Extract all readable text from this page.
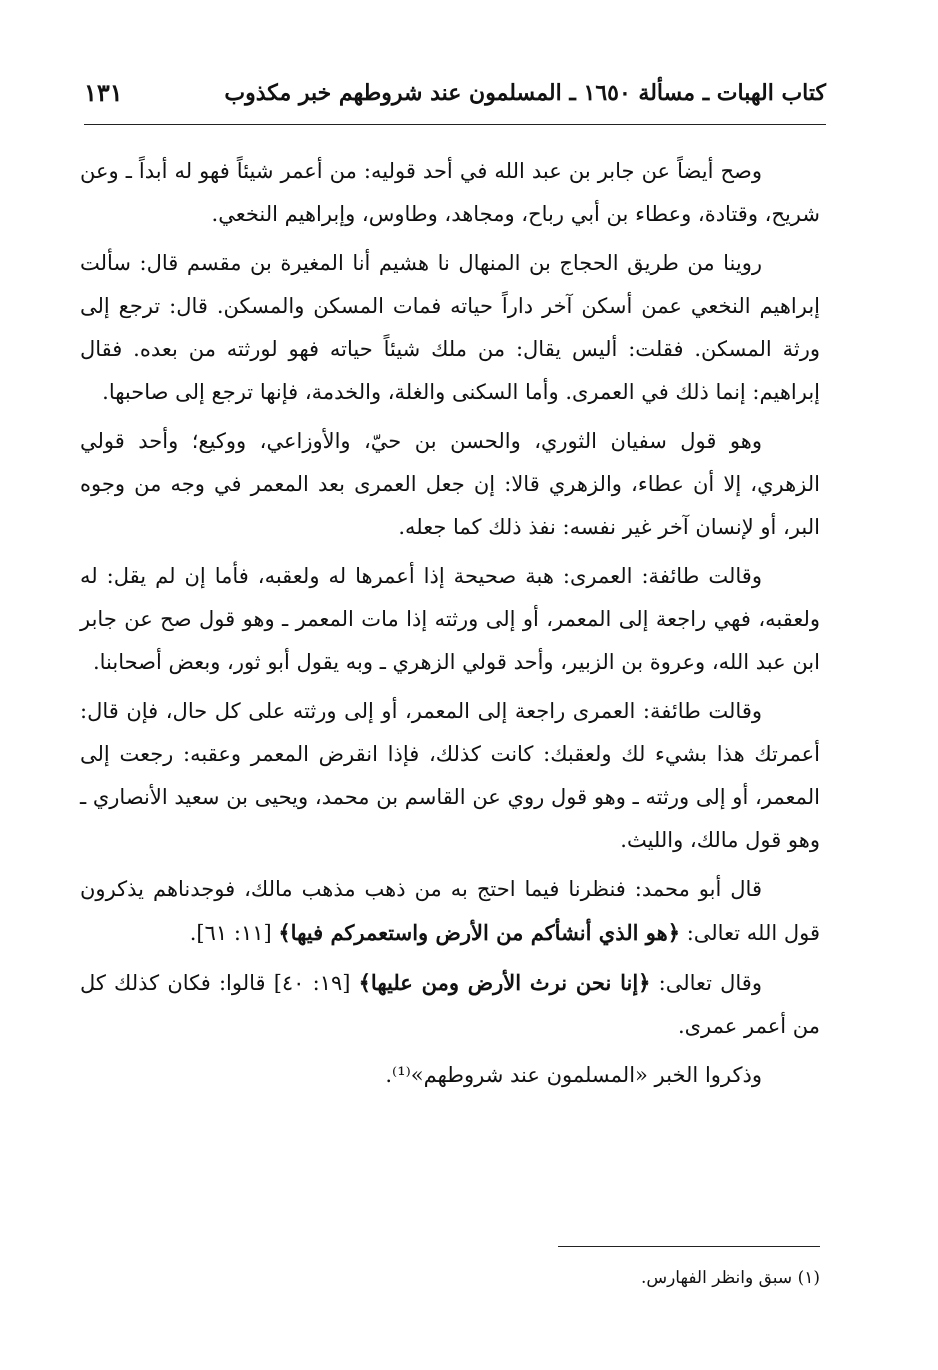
كتاب الهبات ـ مسألة ١٦٥٠ ـ المسلمون عند شروطهم خبر مكذوب
١٣١

وصح أيضاً عن جابر بن عبد الله في أحد قوليه: من أعمر شيئاً فهو له أبداً ـ وعن شريح، وقتادة، وعطاء بن أبي رباح، ومجاهد، وطاوس، وإبراهيم النخعي.

روينا من طريق الحجاج بن المنهال نا هشيم أنا المغيرة بن مقسم قال: سألت إبراهيم النخعي عمن أسكن آخر داراً حياته فمات المسكن والمسكن. قال: ترجع إلى ورثة المسكن. فقلت: أليس يقال: من ملك شيئاً حياته فهو لورثته من بعده. فقال إبراهيم: إنما ذلك في العمرى. وأما السكنى والغلة، والخدمة، فإنها ترجع إلى صاحبها.

وهو قول سفيان الثوري، والحسن بن حيّ، والأوزاعي، ووكيع؛ وأحد قولي الزهري، إلا أن عطاء، والزهري قالا: إن جعل العمرى بعد المعمر في وجه من وجوه البر، أو لإنسان آخر غير نفسه: نفذ ذلك كما جعله.

وقالت طائفة: العمرى: هبة صحيحة إذا أعمرها له ولعقبه، فأما إن لم يقل: له ولعقبه، فهي راجعة إلى المعمر، أو إلى ورثته إذا مات المعمر ـ وهو قول صح عن جابر ابن عبد الله، وعروة بن الزبير، وأحد قولي الزهري ـ وبه يقول أبو ثور، وبعض أصحابنا.

وقالت طائفة: العمرى راجعة إلى المعمر، أو إلى ورثته على كل حال، فإن قال: أعمرتك هذا بشيء لك ولعقبك: كانت كذلك، فإذا انقرض المعمر وعقبه: رجعت إلى المعمر، أو إلى ورثته ـ وهو قول روي عن القاسم بن محمد، ويحيى بن سعيد الأنصاري ـ وهو قول مالك، والليث.

قال أبو محمد: فنظرنا فيما احتج به من ذهب مذهب مالك، فوجدناهم يذكرون قول الله تعالى: ﴿هو الذي أنشأكم من الأرض واستعمركم فيها﴾ [١١: ٦١].

وقال تعالى: ﴿إنا نحن نرث الأرض ومن عليها﴾ [١٩: ٤٠] قالوا: فكان كذلك كل من أعمر عمرى.

وذكروا الخبر «المسلمون عند شروطهم»⁽¹⁾.

(١) سبق وانظر الفهارس.
